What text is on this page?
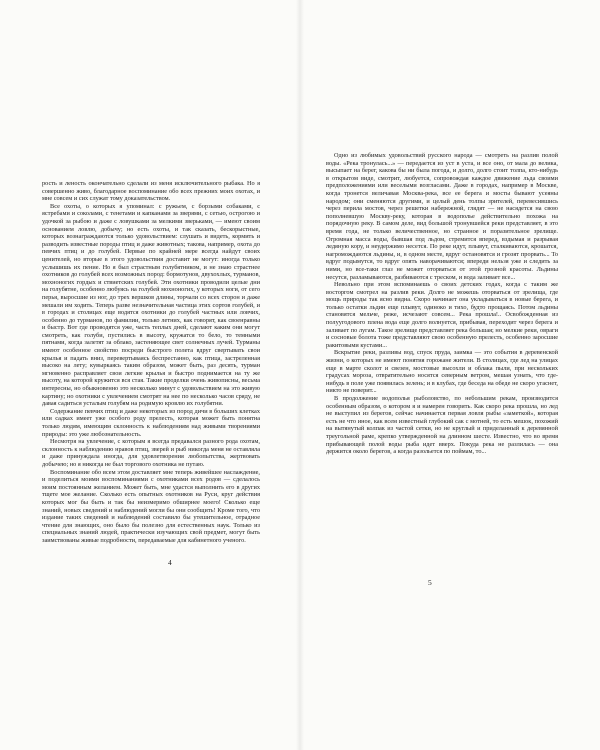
рость и леность окончательно сделали из меня исключительного рыбака. Но я совершенно живо, благодарное воспоминание обо всех прежних моих охотах, и мне совсем и сих служат тому доказательством.

Все охоты, о которых я упоминал: с ружьем, с борзыми собаками, с ястребами и соколами, с тенетами и капканами за зверями, с сетью, острогою и удочкой за рыбою и даже с ловушками за мелкими зверьками, — имеют своим основанием ловлю, добычу; но есть охоты, и так сказать, бескорыстные, которых вознаграждаются только удовольствием: слушать и видеть, кормить и разводить известные породы птиц и даже животных; такова, например, охота до певчих птиц и до голубей. Первые по крайней мере всегда найдут своих ценителей, но вторые в этого удовольствия доставит не могут: иногда только услышишь их пение. Но я был страстным голубятником, и не знаю страстнее охотников до голубей всех возможных пород: бормотунов, двухохлых, турманов, мохноногих гордых и ствиетских голубей. Эти охотники проводили целые дни на голубятне, особенно любуясь на голубей мохноногих, у которых ноги, от сего перья, выросшие из ног, до трех вершков длины, торчали со всех сторон и даже мешали им ходить. Теперь разве незначительная частица этих сортов голубей, и в городах и столицах еще водятся охотники до голубей частных или ловчих, особенно до турманов, по фамилии, только летних, как говорят, как своенравны и быстр. Вот где проводятся уже, часть теплых дней, сделают каким они могут смотреть, как голуби, пустились в высоту, кружатся то бело, то темными пятнами, когда залетят за облако, застеняющее свет солнечных лучей. Турманы имеют особенное свойство посреди быстрого полета вдруг свертывать свои крылья и падать вниз, перевертываясь беспрестанно, как птица, застреленная высоко на лету; кувыркаясь таким образом, может быть, раз десять, турман мгновенно расправляет свои легкие крылья и быстро поднимается на ту же высоту, на которой кружится вся стая. Такие проделки очень живописны, весьма интересны, но обыкновенно это несколько минут с удовольствием на это живую картину; но охотники с увлечением смотрят на нее по несколько часов сряду, не давая садиться усталым голубям на родимую кровлю их голубятни.

Содержание певчих птиц и даже некоторых из пород дичи в больших клетках или садках имеет уже особого роду прелесть, которая может быть понятна только людям, имеющим склонность к наблюдениям над живыми творениями природы: это уже любознательность.

Несмотря на увлечение, с которым я всегда предавался разного рода охотам, склонность к наблюдению нравов птиц, зверей и рыб никогда меня не оставляла и даже принуждала иногда, для удовлетворения любопытства, жертвовать добычею; но я никогда не был торгового охотника не путаю.

Воспоминание обо всем этом доставляет мне теперь живейшее наслаждение, и поделиться моими воспоминаниями с охотниками всех родов — сделалось моим постоянным желанием. Может быть, мне удастся выполнить его в других тщете мое желание. Сколько есть опытных охотников на Руси, круг действия которых мог бы быть и так бы неизмеримо обширнее моего! Сколько еще знаний, новых сведений и наблюдений могли бы они сообщить! Кроме того, что издание таких сведений и наблюдений составило бы утешительное, отрадное чтение для знающих, оно было бы полезно для естественных наук. Только из специальных знаний людей, практически изучающих свой предмет, могут быть заимствованы живые подробности, передаваемые для кабинетного ученого.

4

Одно из любимых удовольствий русского народа — смотреть на разлив полой воды. «Река тронулась...» — передается из уст в уста, и все оно, от мала до велика, высыпает на берег, какова бы ни была погода, и долго, долго стоит толпа, кто-нибудь в открытом виде, смотрит, любуется, сопровождая каждое движение льда своими предположениями или веселыми возгласами. Даже в городах, например в Москве, когда тронется величавая Москва-река, все ее берега и мосты бывают усеяны народом; они сменяются другими, и целый день толпы зрителей, перевесившись через перила мостов, через решетки набережной, глядят — не насядется на свою пополневшую Москву-реку, которая в водополье действительно похожа на порядочную реку. В самом деле, вид большой тронувшейся реки представляет, в это время года, не только величественное, но странное и поразительное зрелище. Огромная масса воды, бывшая под льдом, стремится вперед, вздымая и разрывая ледяную кору, и неудержимо несется. По реке идут, плывут, сталкиваются, крошатся, нагромождаются льдины, и, в одном месте, вдруг остановятся и грозят прорвать... То вдруг подымутся, то вдруг опять наворачиваются; впереди нельзя уже и следить за ними, но все-таки глаз не может оторваться от этой грозной красоты. Льдины несутся, разламываются, разбиваются с треском, и вода заливает все...

Невольно при этом вспоминаешь о своих детских годах, когда с таким же восторгом смотрел на разлив реки. Долго не можешь оторваться от зрелища, где мощь природы так ясно видна. Скоро начинает она укладываться в новые берега, и только остатки льдин еще плывут, одиноко и тихо, будто прощаясь. Потом льдины становятся мельче, реже, исчезают совсем... Река прошла!.. Освобожденная из полуугодового плена вода еще долго волнуется, прибывая, переходит через берега и заливает по лугам. Такое зрелище представляет река большая; но мелкие реки, овраги и сосновые болота тоже представляют свою особенную прелесть, особенно заросшие ракитовыми кустами...

Вскрытие реки, разливы вод, спуск пруда, заимка — это события в деревенской жизни, о которых не имеют понятия горожане жители. В столицах, где лед на улицах еще в марте сколот и свезен, мостовые высохли и облака пыли, при нескольких градусах мороза, отвратительно носятся северным ветром, мешая узнать, что где-нибудь в поле уже появилась зелень; и в клубах, где беседа на обеде не скоро угаснет, никто не поверит...

В продолжение водополья рыболовство, по небольшим рекам, производится особенным образом, о котором я и намерен говорить. Как скоро река прошла, но лед не выступил из берегов, сейчас начинается первая ловля рыбы «заметкой», которая есть не что иное, как всем известный глубокий сак с мотней, то есть мешок, похожий на вытянутый колпак из частой сетки, но не круглый и приделанный к деревянной треугольной раме, крепко утвержденной на длинном шесте. Известно, что во время прибывающей полой воды рыба идет вверх. Покуда река не разлилась — она держится около берегов, а когда разольется по поймам, то...

5
